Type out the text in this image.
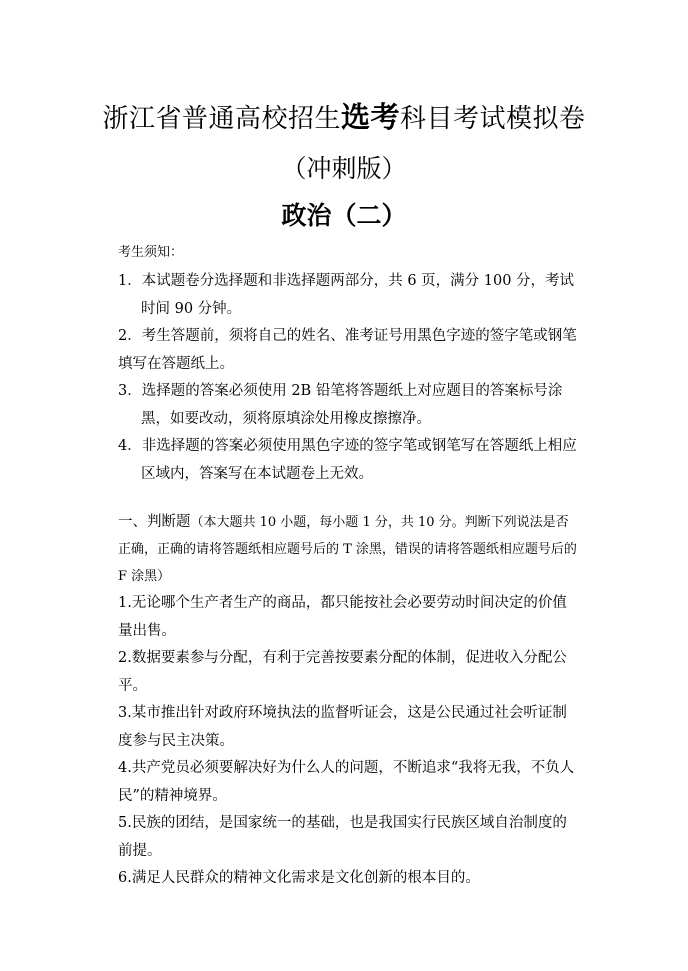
浙江省普通高校招生选考科目考试模拟卷
（冲刺版）
政治（二）
考生须知：
1．本试题卷分选择题和非选择题两部分，共 6 页，满分 100 分，考试时间 90 分钟。
2．考生答题前，须将自己的姓名、准考证号用黑色字迹的签字笔或钢笔填写在答题纸上。
3．选择题的答案必须使用 2B 铅笔将答题纸上对应题目的答案标号涂黑，如要改动，须将原填涂处用橡皮擦擦净。
4．非选择题的答案必须使用黑色字迹的签字笔或钢笔写在答题纸上相应区域内，答案写在本试题卷上无效。
一、判断题（本大题共 10 小题，每小题 1 分，共 10 分。判断下列说法是否正确，正确的请将答题纸相应题号后的 T 涂黑，错误的请将答题纸相应题号后的 F 涂黑）
1.无论哪个生产者生产的商品，都只能按社会必要劳动时间决定的价值量出售。
2.数据要素参与分配，有利于完善按要素分配的体制，促进收入分配公平。
3.某市推出针对政府环境执法的监督听证会，这是公民通过社会听证制度参与民主决策。
4.共产党员必须要解决好为什么人的问题，不断追求“我将无我，不负人民”的精神境界。
5.民族的团结，是国家统一的基础，也是我国实行民族区域自治制度的前提。
6.满足人民群众的精神文化需求是文化创新的根本目的。
